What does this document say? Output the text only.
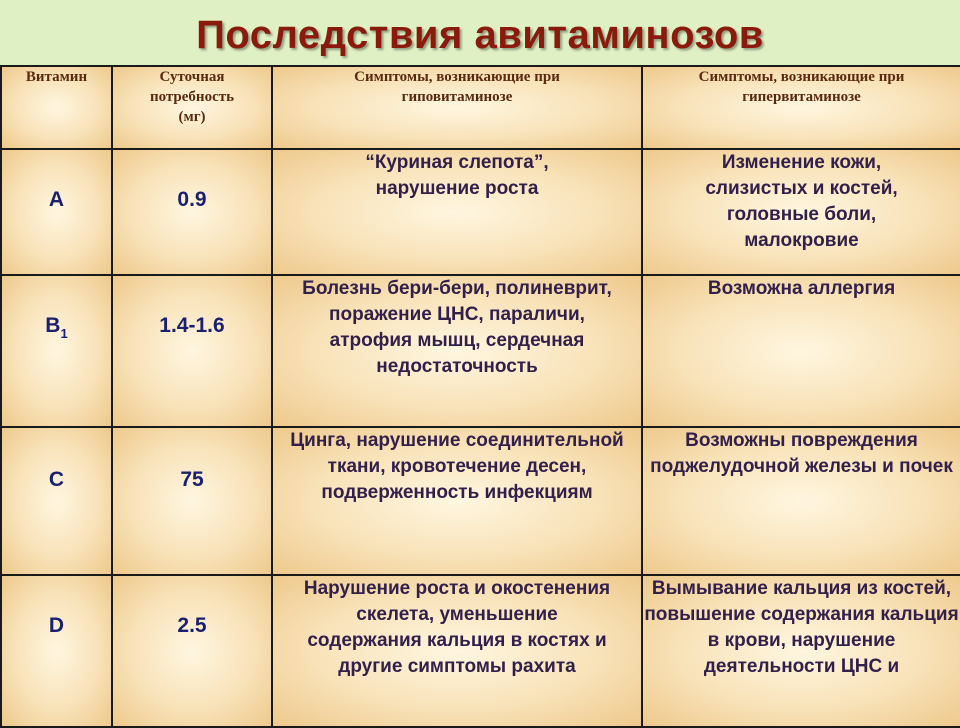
Последствия авитаминозов
Витамин	Суточная потребность (мг)	Симптомы, возникающие при гиповитаминозе	Симптомы, возникающие при гипервитаминозе

А	0.9	“Куриная слепота”, нарушение роста	Изменение кожи, слизистых и костей, головные боли, малокровие

$В_1$	1.4-1.6	Болезнь бери-бери, полиневрит, поражение ЦНС, параличи, атрофия мышц, сердечная недостаточность	Возможна аллергия

С	75	Цинга, нарушение соединительной ткани, кровотечение десен, подверженность инфекциям	Возможны повреждения поджелудочной железы и почек

D	2.5	Нарушение роста и окостенения скелета, уменьшение содержания кальция в костях и другие симптомы рахита	Вымывание кальция из костей, повышение содержания кальция в крови, нарушение деятельности ЦНС и
